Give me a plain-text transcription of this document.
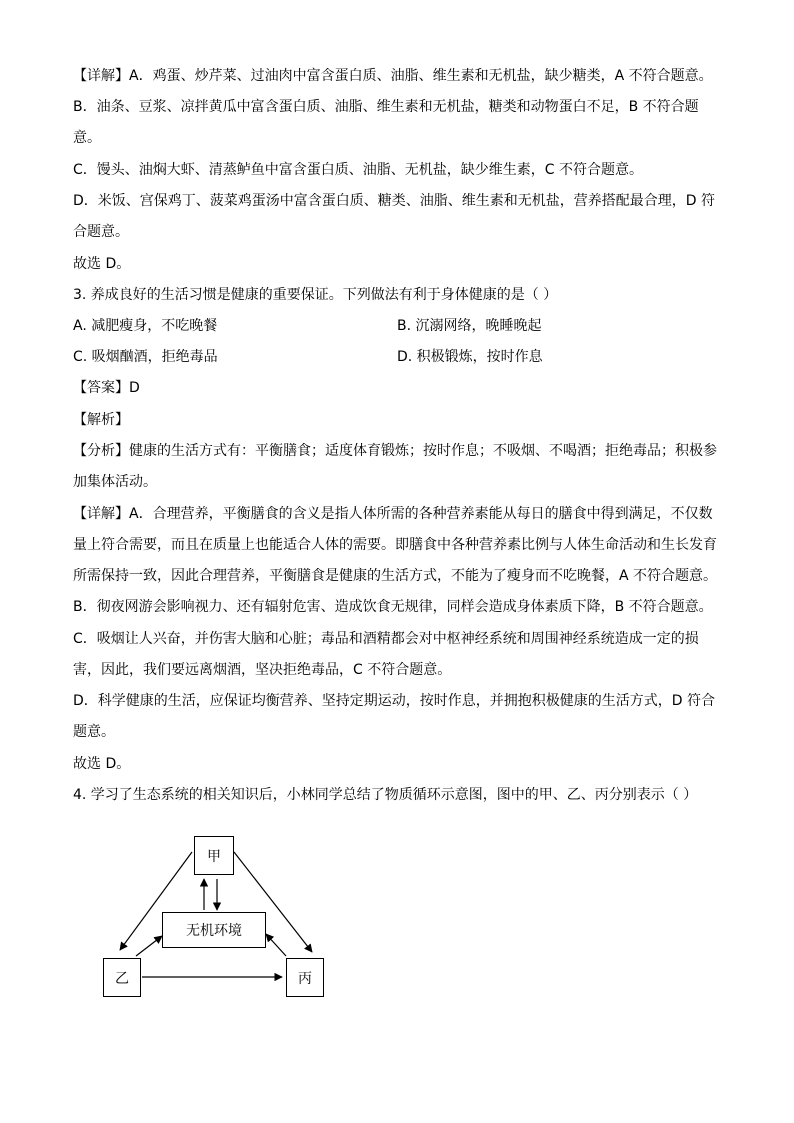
【详解】A．鸡蛋、炒芹菜、过油肉中富含蛋白质、油脂、维生素和无机盐，缺少糖类，A 不符合题意。
B．油条、豆浆、凉拌黄瓜中富含蛋白质、油脂、维生素和无机盐，糖类和动物蛋白不足，B 不符合题
意。
C．馒头、油焖大虾、清蒸鲈鱼中富含蛋白质、油脂、无机盐，缺少维生素，C 不符合题意。
D．米饭、宫保鸡丁、菠菜鸡蛋汤中富含蛋白质、糖类、油脂、维生素和无机盐，营养搭配最合理，D 符
合题意。
故选 D。
3. 养成良好的生活习惯是健康的重要保证。下列做法有利于身体健康的是（ ）
A. 减肥瘦身，不吃晚餐	B. 沉溺网络，晚睡晚起
C. 吸烟酗酒，拒绝毒品	D. 积极锻炼，按时作息
【答案】D
【解析】
【分析】健康的生活方式有：平衡膳食；适度体育锻炼；按时作息；不吸烟、不喝酒；拒绝毒品；积极参
加集体活动。
【详解】A．合理营养，平衡膳食的含义是指人体所需的各种营养素能从每日的膳食中得到满足，不仅数
量上符合需要，而且在质量上也能适合人体的需要。即膳食中各种营养素比例与人体生命活动和生长发育
所需保持一致，因此合理营养，平衡膳食是健康的生活方式，不能为了瘦身而不吃晚餐，A 不符合题意。
B．彻夜网游会影响视力、还有辐射危害、造成饮食无规律，同样会造成身体素质下降，B 不符合题意。
C．吸烟让人兴奋，并伤害大脑和心脏；毒品和酒精都会对中枢神经系统和周围神经系统造成一定的损
害，因此，我们要远离烟酒，坚决拒绝毒品，C 不符合题意。
D．科学健康的生活，应保证均衡营养、坚持定期运动，按时作息，并拥抱积极健康的生活方式，D 符合
题意。
故选 D。
4. 学习了生态系统的相关知识后，小林同学总结了物质循环示意图，图中的甲、乙、丙分别表示（ ）
甲
无机环境
乙	丙
